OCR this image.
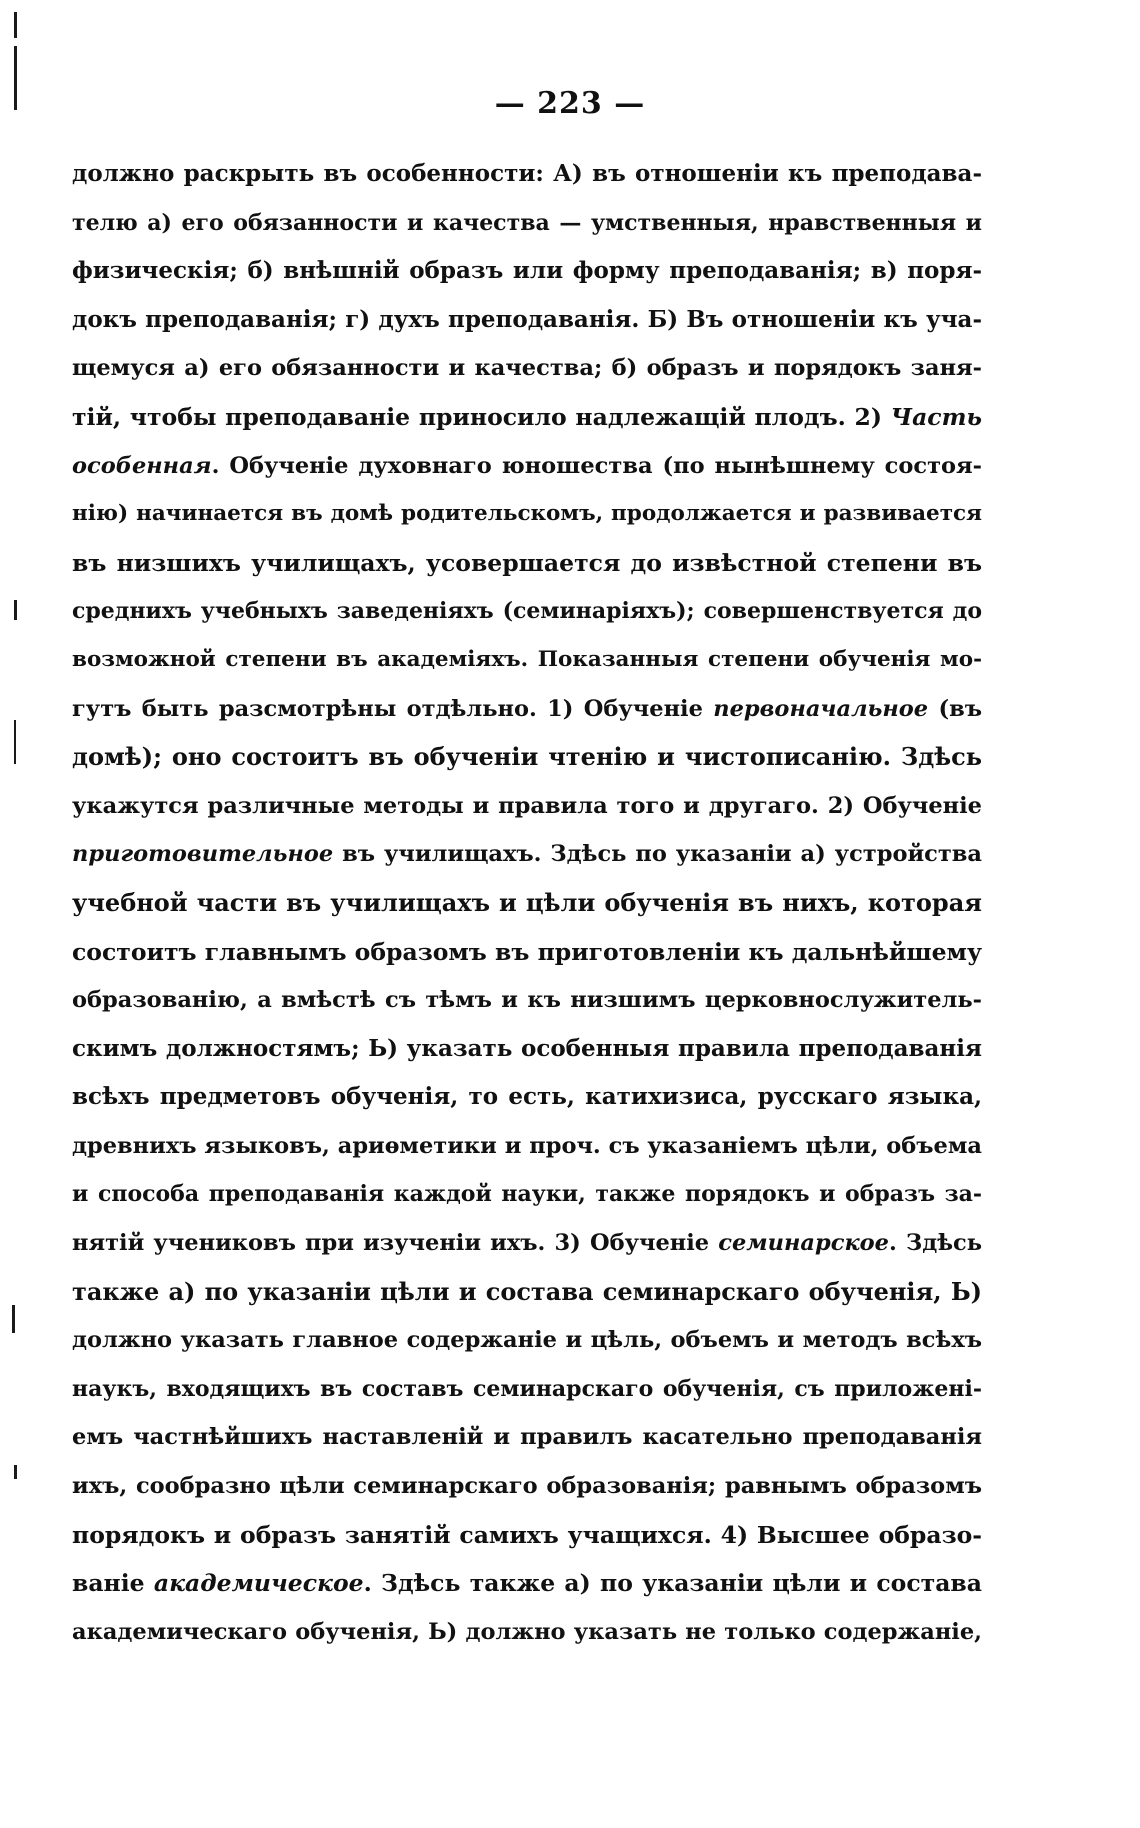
— 223 —
должно раскрыть въ особенности: А) въ отношеніи къ преподава-
телю а) его обязанности и качества — умственныя, нравственныя и
физическія; б) внѣшній образъ или форму преподаванія; в) поря-
докъ преподаванія; г) духъ преподаванія. Б) Въ отношеніи къ уча-
щемуся а) его обязанности и качества; б) образъ и порядокъ заня-
тій, чтобы преподаваніе приносило надлежащій плодъ. 2) Часть
особенная. Обученіе духовнаго юношества (по нынѣшнему состоя-
нію) начинается въ домѣ родительскомъ, продолжается и развивается
въ низшихъ училищахъ, усовершается до извѣстной степени въ
среднихъ учебныхъ заведеніяхъ (семинаріяхъ); совершенствуется до
возможной степени въ академіяхъ. Показанныя степени обученія мо-
гутъ быть разсмотрѣны отдѣльно. 1) Обученіе первоначальное (въ
домѣ); оно состоитъ въ обученіи чтенію и чистописанію. Здѣсь
укажутся различные методы и правила того и другаго. 2) Обученіе
приготовительное въ училищахъ. Здѣсь по указаніи а) устройства
учебной части въ училищахъ и цѣли обученія въ нихъ, которая
состоитъ главнымъ образомъ въ приготовленіи къ дальнѣйшему
образованію, а вмѣстѣ съ тѣмъ и къ низшимъ церковнослужитель-
скимъ должностямъ; Ь) указать особенныя правила преподаванія
всѣхъ предметовъ обученія, то есть, катихизиса, русскаго языка,
древнихъ языковъ, ариѳметики и проч. съ указаніемъ цѣли, объема
и способа преподаванія каждой науки, также порядокъ и образъ за-
нятій учениковъ при изученіи ихъ. 3) Обученіе семинарское. Здѣсь
также а) по указаніи цѣли и состава семинарскаго обученія, Ь)
должно указать главное содержаніе и цѣль, объемъ и методъ всѣхъ
наукъ, входящихъ въ составъ семинарскаго обученія, съ приложені-
емъ частнѣйшихъ наставленій и правилъ касательно преподаванія
ихъ, сообразно цѣли семинарскаго образованія; равнымъ образомъ
порядокъ и образъ занятій самихъ учащихся. 4) Высшее образо-
ваніе академическое. Здѣсь также а) по указаніи цѣли и состава
академическаго обученія, Ь) должно указать не только содержаніе,
